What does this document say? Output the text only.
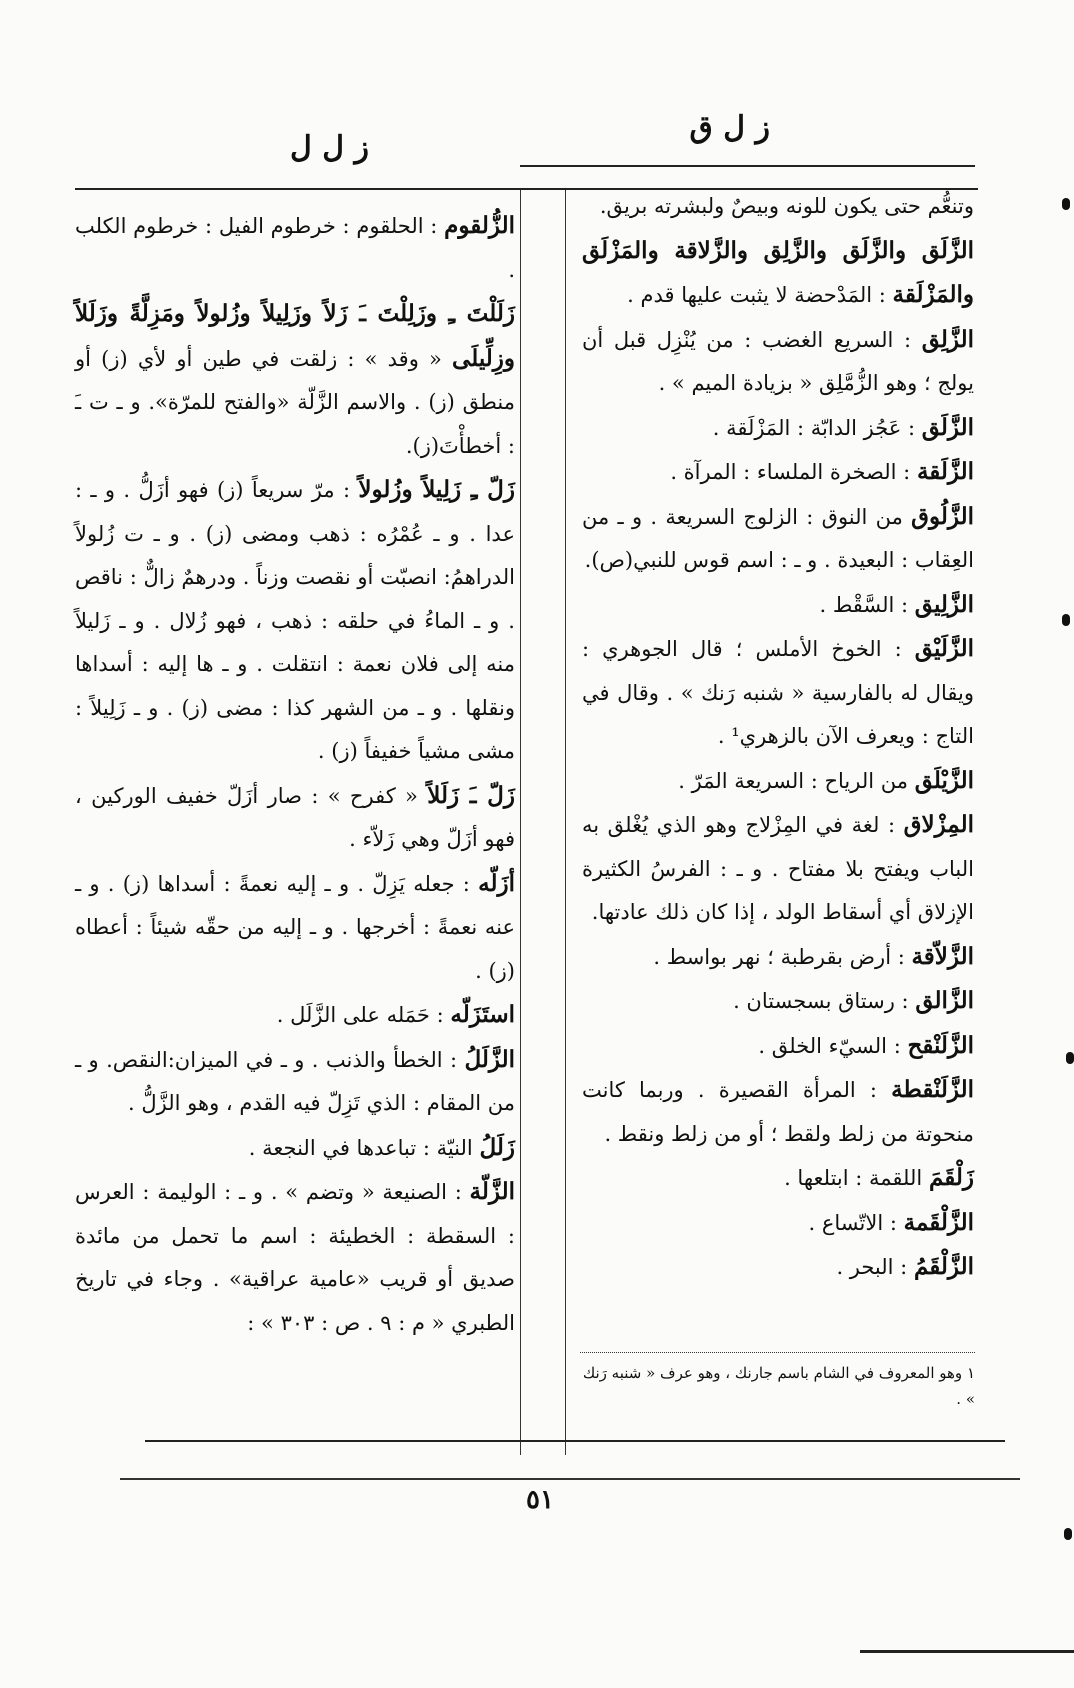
ز ل ق
ز ل ل

وتنعُّم حتى يكون للونه وبيصٌ ولبشرته بريق.

الزَّلَق والزَّلَق والزَّلِق والزَّلاقة والمَزْلَق والمَزْلَقة : المَدْحضة لا يثبت عليها قدم .

الزَّلِق : السريع الغضب : من يُنْزِل قبل أن يولج ؛ وهو الزُّمَّلِق « بزيادة الميم » .

الزَّلَق : عَجُز الدابّة : المَزْلَقة .

الزَّلَقة : الصخرة الملساء : المرآة .

الزَّلُوق من النوق : الزلوج السريعة . و ـ من العِقاب : البعيدة . و ـ : اسم قوس للنبي(ص).

الزَّلِيق : السَّقْط .

الزَّلَيْق : الخوخ الأملس ؛ قال الجوهري : ويقال له بالفارسية « شنبه رَنك » . وقال في التاج : ويعرف الآن بالزهري¹ .

الزَّيْلَق من الرياح : السريعة المَرّ .

المِزْلاق : لغة في المِزْلاج وهو الذي يُغْلق به الباب ويفتح بلا مفتاح . و ـ : الفرسُ الكثيرة الإزلاق أي أسقاط الولد ، إذا كان ذلك عادتها.

الزَّلاّقة : أرض بقرطبة ؛ نهر بواسط .

الزَّالق : رستاق بسجستان .

الزَّلَنْقح : السيّء الخلق .

الزَّلَنْقطة : المرأة القصيرة . وربما كانت منحوتة من زلط ولقط ؛ أو من زلط ونقط .

زَلْقَمَ اللقمة : ابتلعها .

الزَّلْقَمة : الاتّساع .

الزَّلْقَمُ : البحر .

١ وهو المعروف في الشام باسم جارنك ، وهو عرف « شنبه رَنك » .

الزُّلقوم : الحلقوم : خرطوم الفيل : خرطوم الكلب .

زَلَلْتَ ـِ وزَلِلْتَ ـَ زَلاً وزَلِيلاً وزُلولاً ومَزِلَّةً وزَلَلاً وزِلِّيلَى « وقد » : زلقت في طين أو لأي (ز) أو منطق (ز) . والاسم الزَّلّة «والفتح للمرّة». و ـ ت ـَ : أخطأْتَ(ز).

زَلّ ـِ زَلِيلاً وزُلولاً : مرّ سريعاً (ز) فهو أزَلُّ . و ـ : عدا . و ـ عُمْرُه : ذهب ومضى (ز) . و ـ ت زُلولاً الدراهمُ: انصبّت أو نقصت وزناً . ودرهمٌ زالٌّ : ناقص . و ـ الماءُ في حلقه : ذهب ، فهو زُلال . و ـ زَليلاً منه إلى فلان نعمة : انتقلت . و ـ ها إليه : أسداها ونقلها . و ـ من الشهر كذا : مضى (ز) . و ـ زَلِيلاً : مشى مشياً خفيفاً (ز) .

زَلّ ـَ زَلَلاً « كفرح » : صار أزَلّ خفيف الوركين ، فهو أزَلّ وهي زَلاّء .

أزَلّه : جعله يَزِلّ . و ـ إليه نعمةً : أسداها (ز) . و ـ عنه نعمةً : أخرجها . و ـ إليه من حقّه شيئاً : أعطاه (ز) .

استَزَلّه : حَمَله على الزَّلَل .

الزَّلَلُ : الخطأ والذنب . و ـ في الميزان:النقص. و ـ من المقام : الذي تَزِلّ فيه القدم ، وهو الزَّلُّ .

زَلَلُ النيّة : تباعدها في النجعة .

الزَّلّة : الصنيعة « وتضم » . و ـ : الوليمة : العرس : السقطة : الخطيئة : اسم ما تحمل من مائدة صديق أو قريب «عامية عراقية» . وجاء في تاريخ الطبري « م : ٩ . ص : ٣٠٣ » :

٥١
